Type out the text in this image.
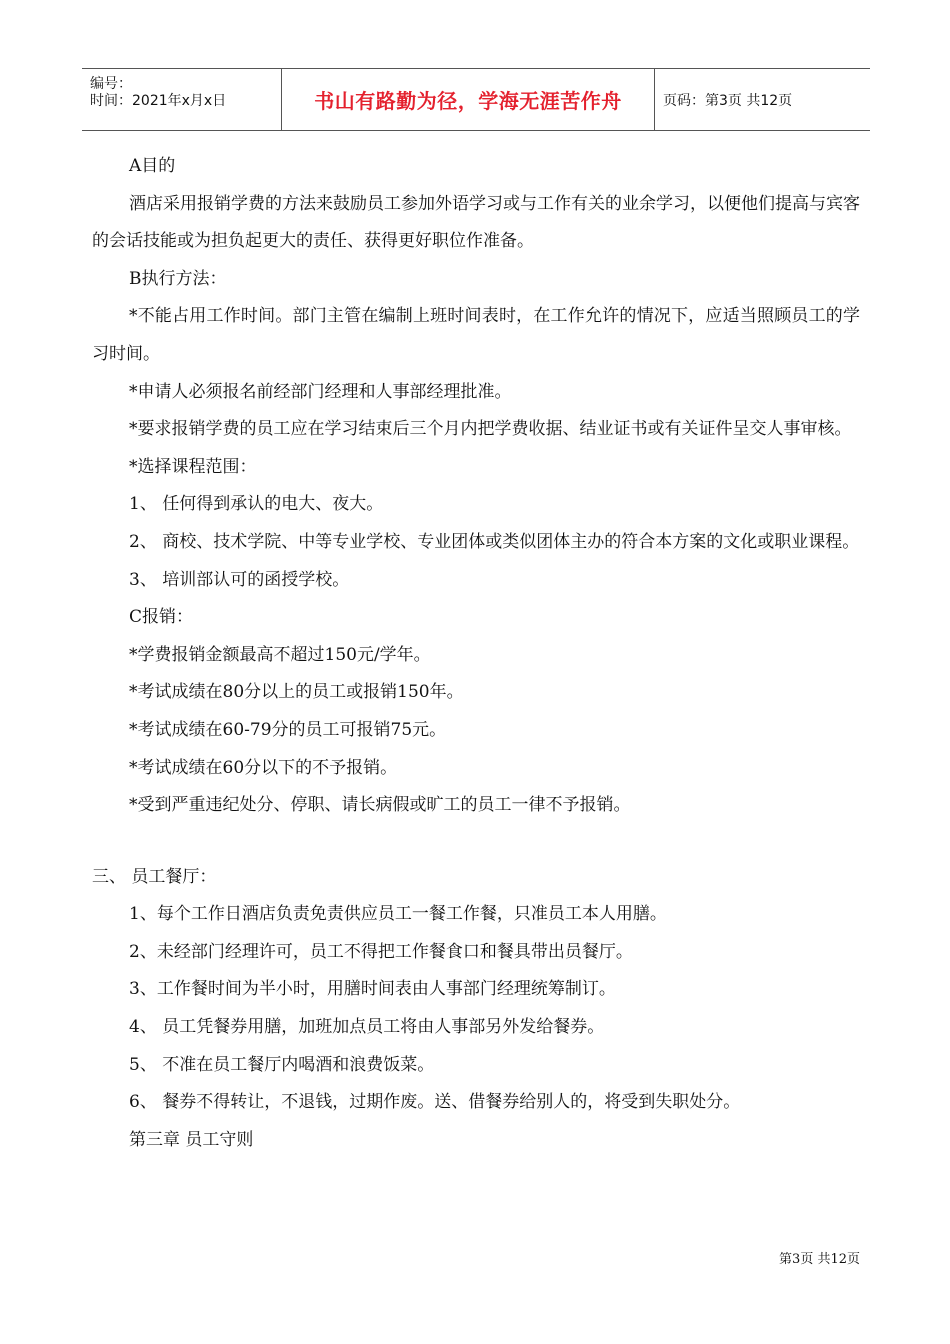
编号：
时间：2021年x月x日	书山有路勤为径，学海无涯苦作舟	页码：第3页 共12页

A目的

酒店采用报销学费的方法来鼓励员工参加外语学习或与工作有关的业余学习，以便他们提高与宾客的会话技能或为担负起更大的责任、获得更好职位作准备。

B执行方法：

*不能占用工作时间。部门主管在编制上班时间表时，在工作允许的情况下，应适当照顾员工的学习时间。

*申请人必须报名前经部门经理和人事部经理批准。

*要求报销学费的员工应在学习结束后三个月内把学费收据、结业证书或有关证件呈交人事审核。

*选择课程范围：

1、 任何得到承认的电大、夜大。

2、 商校、技术学院、中等专业学校、专业团体或类似团体主办的符合本方案的文化或职业课程。

3、 培训部认可的函授学校。

C报销：

*学费报销金额最高不超过150元/学年。

*考试成绩在80分以上的员工或报销150年。

*考试成绩在60-79分的员工可报销75元。

*考试成绩在60分以下的不予报销。

*受到严重违纪处分、停职、请长病假或旷工的员工一律不予报销。

三、 员工餐厅：

1、每个工作日酒店负责免责供应员工一餐工作餐，只准员工本人用膳。

2、未经部门经理许可，员工不得把工作餐食口和餐具带出员餐厅。

3、工作餐时间为半小时，用膳时间表由人事部门经理统筹制订。

4、 员工凭餐券用膳，加班加点员工将由人事部另外发给餐券。

5、 不准在员工餐厅内喝酒和浪费饭菜。

6、 餐券不得转让，不退钱，过期作废。送、借餐券给别人的，将受到失职处分。

第三章 员工守则

第3页 共12页
